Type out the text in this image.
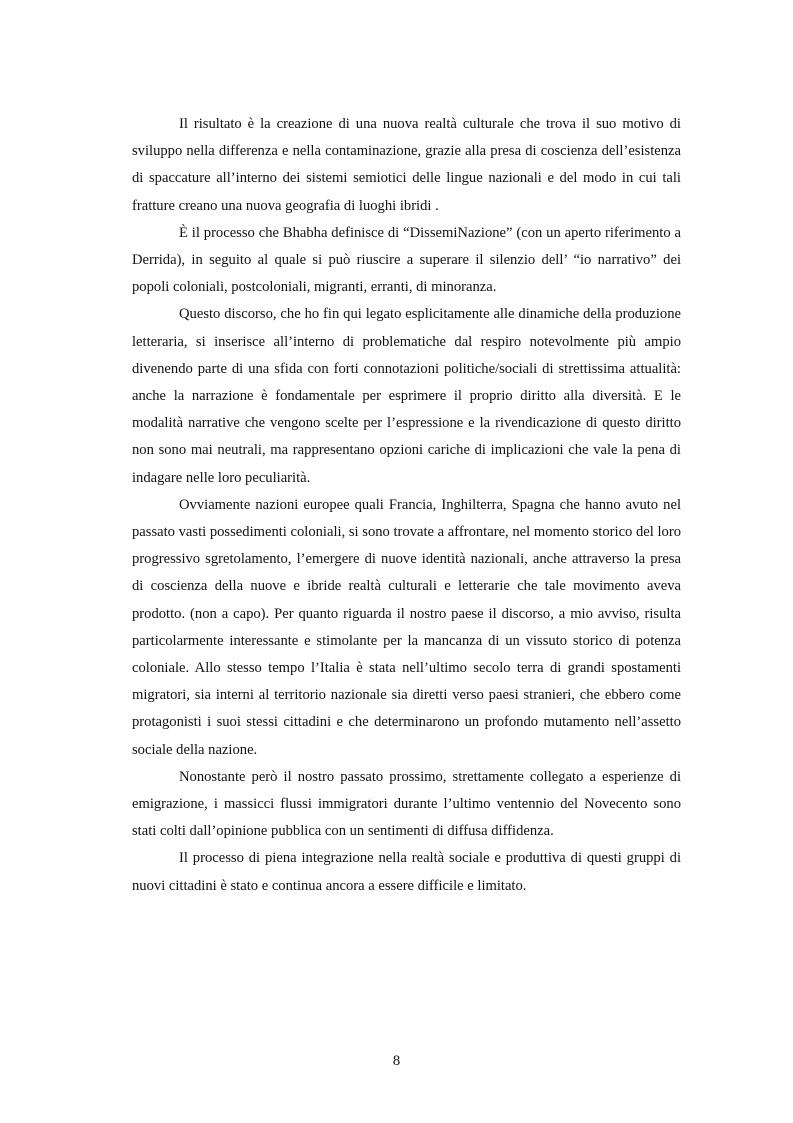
Il risultato è la creazione di una nuova realtà culturale che trova il suo motivo di sviluppo nella differenza e nella contaminazione, grazie alla presa di coscienza dell’esistenza di spaccature all’interno dei sistemi semiotici delle lingue nazionali e del modo in cui tali fratture creano una nuova geografia di luoghi ibridi .

È il processo che Bhabha definisce di “DissemiNazione” (con un aperto riferimento a Derrida), in seguito al quale si può riuscire a superare il silenzio dell’ “io narrativo” dei popoli coloniali, postcoloniali, migranti, erranti, di minoranza.

Questo discorso, che ho fin qui legato esplicitamente alle dinamiche della produzione letteraria, si inserisce all’interno di problematiche dal respiro notevolmente più ampio divenendo parte di una sfida con forti connotazioni politiche/sociali di strettissima attualità: anche la narrazione è fondamentale per esprimere il proprio diritto alla diversità. E le modalità narrative che vengono scelte per l’espressione e la rivendicazione di questo diritto non sono mai neutrali, ma rappresentano opzioni cariche di implicazioni che vale la pena di indagare nelle loro peculiarità.

Ovviamente nazioni europee quali Francia, Inghilterra, Spagna che hanno avuto nel passato vasti possedimenti coloniali, si sono trovate a affrontare, nel momento storico del loro progressivo sgretolamento, l’emergere di nuove identità nazionali, anche attraverso la presa di coscienza della nuove e ibride realtà culturali e letterarie che tale movimento aveva prodotto. (non a capo). Per quanto riguarda il nostro paese il discorso, a mio avviso, risulta particolarmente interessante e stimolante per la mancanza di un vissuto storico di potenza coloniale. Allo stesso tempo l’Italia è stata nell’ultimo secolo terra di grandi spostamenti migratori, sia interni al territorio nazionale sia diretti verso paesi stranieri, che ebbero come protagonisti i suoi stessi cittadini e che determinarono un profondo mutamento nell’assetto sociale della nazione.

Nonostante però il nostro passato prossimo, strettamente collegato a esperienze di emigrazione, i massicci flussi immigratori durante l’ultimo ventennio del Novecento sono stati colti dall’opinione pubblica con un sentimenti di diffusa diffidenza.

Il processo di piena integrazione nella realtà sociale e produttiva di questi gruppi di nuovi cittadini è stato e continua ancora a essere difficile e limitato.

8
